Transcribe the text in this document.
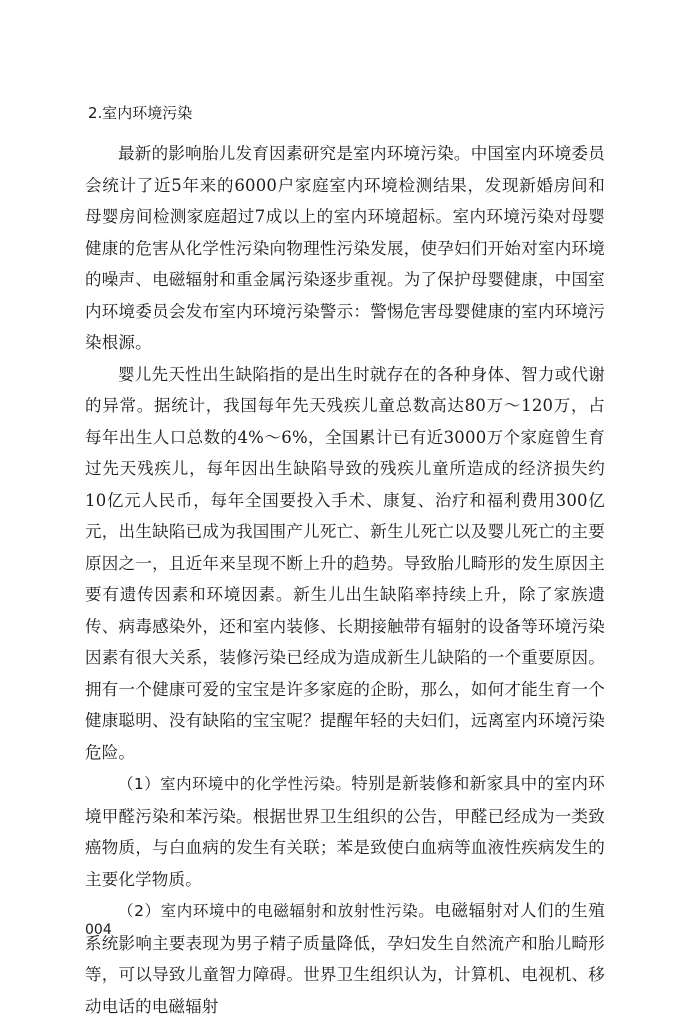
2.室内环境污染

最新的影响胎儿发育因素研究是室内环境污染。中国室内环境委员会统计了近5年来的6000户家庭室内环境检测结果，发现新婚房间和母婴房间检测家庭超过7成以上的室内环境超标。室内环境污染对母婴健康的危害从化学性污染向物理性污染发展，使孕妇们开始对室内环境的噪声、电磁辐射和重金属污染逐步重视。为了保护母婴健康，中国室内环境委员会发布室内环境污染警示：警惕危害母婴健康的室内环境污染根源。

婴儿先天性出生缺陷指的是出生时就存在的各种身体、智力或代谢的异常。据统计，我国每年先天残疾儿童总数高达80万～120万，占每年出生人口总数的4%～6%，全国累计已有近3000万个家庭曾生育过先天残疾儿，每年因出生缺陷导致的残疾儿童所造成的经济损失约10亿元人民币，每年全国要投入手术、康复、治疗和福利费用300亿元，出生缺陷已成为我国围产儿死亡、新生儿死亡以及婴儿死亡的主要原因之一，且近年来呈现不断上升的趋势。导致胎儿畸形的发生原因主要有遗传因素和环境因素。新生儿出生缺陷率持续上升，除了家族遗传、病毒感染外，还和室内装修、长期接触带有辐射的设备等环境污染因素有很大关系，装修污染已经成为造成新生儿缺陷的一个重要原因。拥有一个健康可爱的宝宝是许多家庭的企盼，那么，如何才能生育一个健康聪明、没有缺陷的宝宝呢？提醒年轻的夫妇们，远离室内环境污染危险。

（1）室内环境中的化学性污染。特别是新装修和新家具中的室内环境甲醛污染和苯污染。根据世界卫生组织的公告，甲醛已经成为一类致癌物质，与白血病的发生有关联；苯是致使白血病等血液性疾病发生的主要化学物质。

（2）室内环境中的电磁辐射和放射性污染。电磁辐射对人们的生殖系统影响主要表现为男子精子质量降低，孕妇发生自然流产和胎儿畸形等，可以导致儿童智力障碍。世界卫生组织认为，计算机、电视机、移动电话的电磁辐射

004
